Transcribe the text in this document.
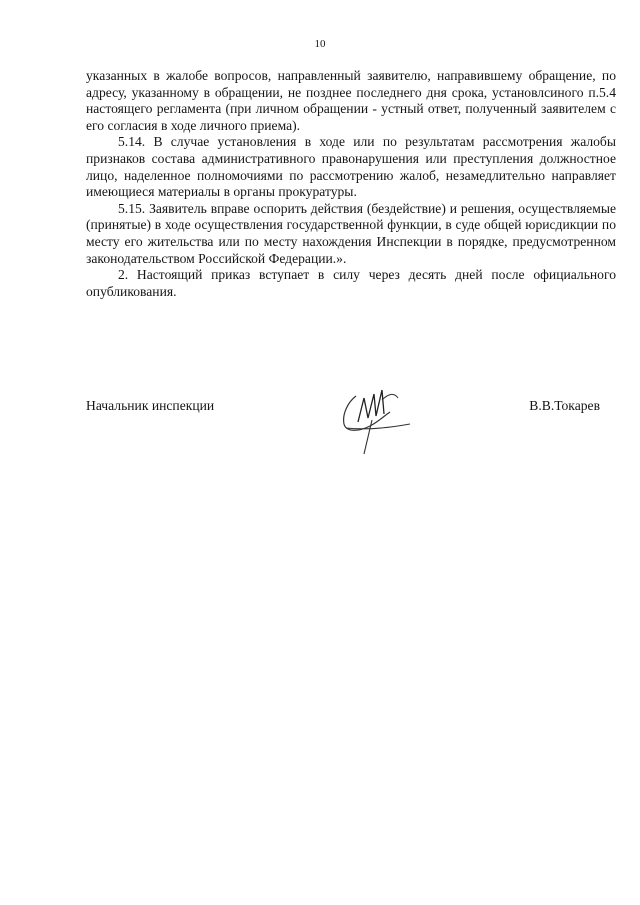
10

указанных в жалобе вопросов, направленный заявителю, направившему обращение, по адресу, указанному в обращении, не позднее последнего дня срока, установлсиного п.5.4 настоящего регламента (при личном обращении - устный ответ, полученный заявителем с его согласия в ходе личного приема).

5.14. В случае установления в ходе или по результатам рассмотрения жалобы признаков состава административного правонарушения или преступления должностное лицо, наделенное полномочиями по рассмотрению жалоб, незамедлительно направляет имеющиеся материалы в органы прокуратуры.

5.15. Заявитель вправе оспорить действия (бездействие) и решения, осуществляемые (принятые) в ходе осуществления государственной функции, в суде общей юрисдикции по месту его жительства или по месту нахождения Инспекции в порядке, предусмотренном законодательством Российской Федерации.».

2. Настоящий приказ вступает в силу через десять дней после официального опубликования.

Начальник инспекции	В.В.Токарев
